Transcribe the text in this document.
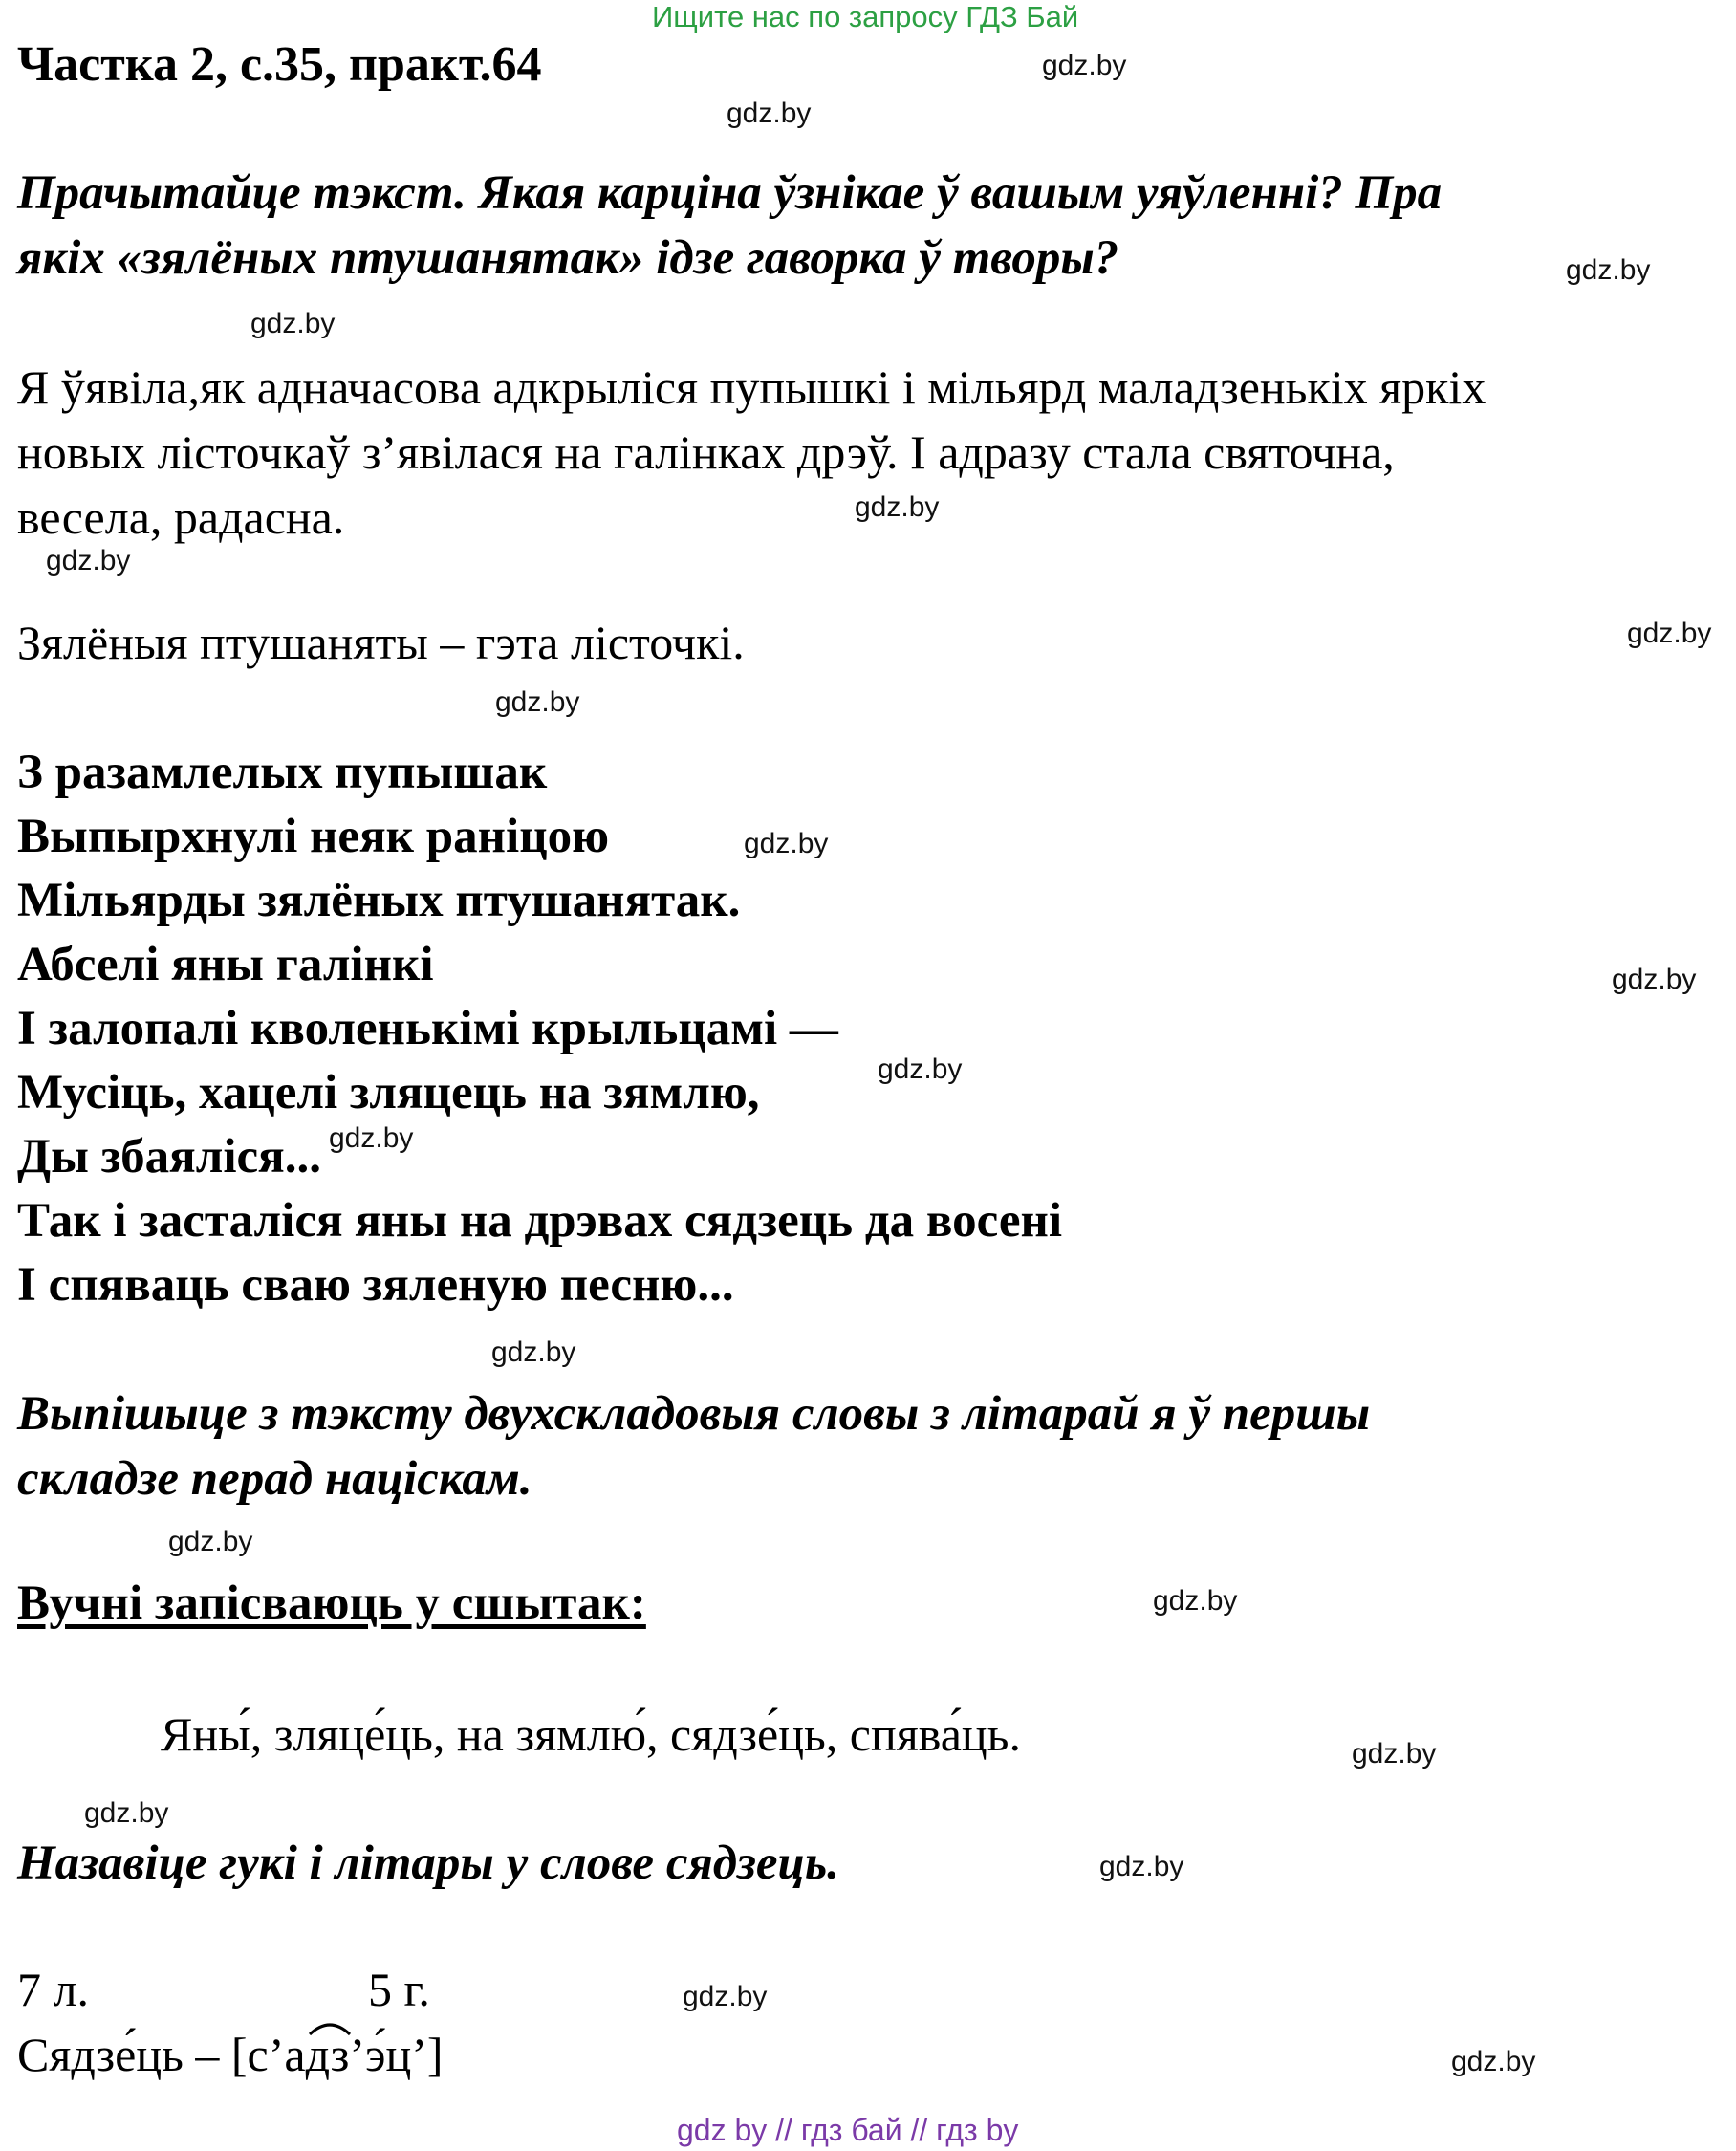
Ищите нас по запросу ГДЗ Бай
Частка 2, с.35, практ.64
Прачытайце тэкст. Якая карціна ўзнікае ў вашым уяўленні? Пра
якіх «зялёных птушанятак» ідзе гаворка ў творы?
Я ўявіла,як адначасова адкрыліся пупышкі і мільярд маладзенькіх яркіх
новых лісточкаў з’явілася на галінках дрэў. І адразу стала святочна,
весела, радасна.
Зялёныя птушаняты – гэта лісточкі.
З разамлелых пупышак
Выпырхнулі неяк раніцою
Мільярды зялёных птушанятак.
Абселі яны галінкі
І залопалі кволенькімі крыльцамі —
Мусіць, хацелі зляцець на зямлю,
Ды збаяліся...
Так і засталіся яны на дрэвах сядзець да восені
І спяваць сваю зяленую песню...
Выпішыце з тэксту двухскладовыя словы з літарай я ў першы
складзе перад націскам.
Вучні запісваюць у сшытак:
Яны́, зляце́ць, на зямлю́, сядзе́ць, спява́ць.
Назавіце гукі і літары у слове сядзець.
7 л.	5 г.
Сядзе́ць – [с’а
дз’э́ц’]
gdz.by
gdz.by
gdz.by
gdz.by
gdz.by
gdz.by
gdz.by
gdz.by
gdz.by
gdz.by
gdz.by
gdz.by
gdz.by
gdz.by
gdz.by
gdz.by
gdz.by
gdz.by
gdz.by
gdz.by
gdz by // гдз бай // гдз by
